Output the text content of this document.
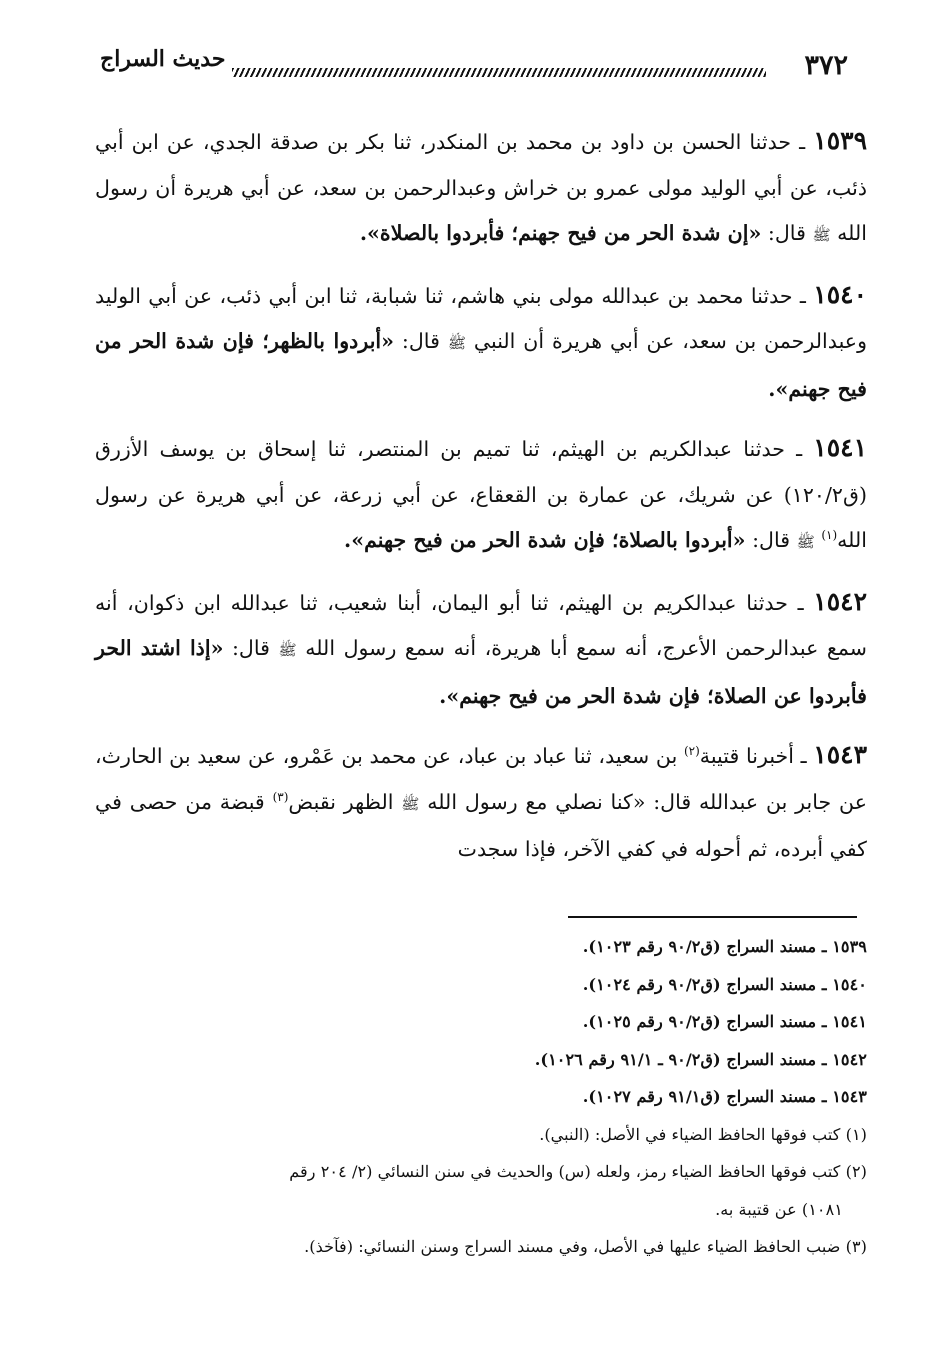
٣٧٢
حديث السراج

١٥٣٩ ـ حدثنا الحسن بن داود بن محمد بن المنكدر، ثنا بكر بن صدقة الجدي، عن ابن أبي ذئب، عن أبي الوليد مولى عمرو بن خراش وعبدالرحمن بن سعد، عن أبي هريرة أن رسول الله ﷺ قال: «إن شدة الحر من فيح جهنم؛ فأبردوا بالصلاة».

١٥٤٠ ـ حدثنا محمد بن عبدالله مولى بني هاشم، ثنا شبابة، ثنا ابن أبي ذئب، عن أبي الوليد وعبدالرحمن بن سعد، عن أبي هريرة أن النبي ﷺ قال: «أبردوا بالظهر؛ فإن شدة الحر من فيح جهنم».

١٥٤١ ـ حدثنا عبدالكريم بن الهيثم، ثنا تميم بن المنتصر، ثنا إسحاق بن يوسف الأزرق (ق١٢٠/٢) عن شريك، عن عمارة بن القعقاع، عن أبي زرعة، عن أبي هريرة عن رسول الله$^{(١)}$ ﷺ قال: «أبردوا بالصلاة؛ فإن شدة الحر من فيح جهنم».

١٥٤٢ ـ حدثنا عبدالكريم بن الهيثم، ثنا أبو اليمان، أبنا شعيب، ثنا عبدالله ابن ذكوان، أنه سمع عبدالرحمن الأعرج، أنه سمع أبا هريرة، أنه سمع رسول الله ﷺ قال: «إذا اشتد الحر فأبردوا عن الصلاة؛ فإن شدة الحر من فيح جهنم».

١٥٤٣ ـ أخبرنا قتيبة$^{(٢)}$ بن سعيد، ثنا عباد بن عباد، عن محمد بن عَمْرو، عن سعيد بن الحارث، عن جابر بن عبدالله قال: «كنا نصلي مع رسول الله ﷺ الظهر نقبض$^{(٣)}$ قبضة من حصى في كفي أبرده، ثم أحوله في كفي الآخر، فإذا سجدت

١٥٣٩ ـ مسند السراج (ق٩٠/٢ رقم ١٠٢٣).
١٥٤٠ ـ مسند السراج (ق٩٠/٢ رقم ١٠٢٤).
١٥٤١ ـ مسند السراج (ق٩٠/٢ رقم ١٠٢٥).
١٥٤٢ ـ مسند السراج (ق٩٠/٢ ـ ٩١/١ رقم ١٠٢٦).
١٥٤٣ ـ مسند السراج (ق٩١/١ رقم ١٠٢٧).
(١) كتب فوقها الحافظ الضياء في الأصل: (النبي).
(٢) كتب فوقها الحافظ الضياء رمز، ولعله (س) والحديث في سنن النسائي (٢/ ٢٠٤ رقم
١٠٨١) عن قتيبة به.
(٣) ضبب الحافظ الضياء عليها في الأصل، وفي مسند السراج وسنن النسائي: (فآخذ).
